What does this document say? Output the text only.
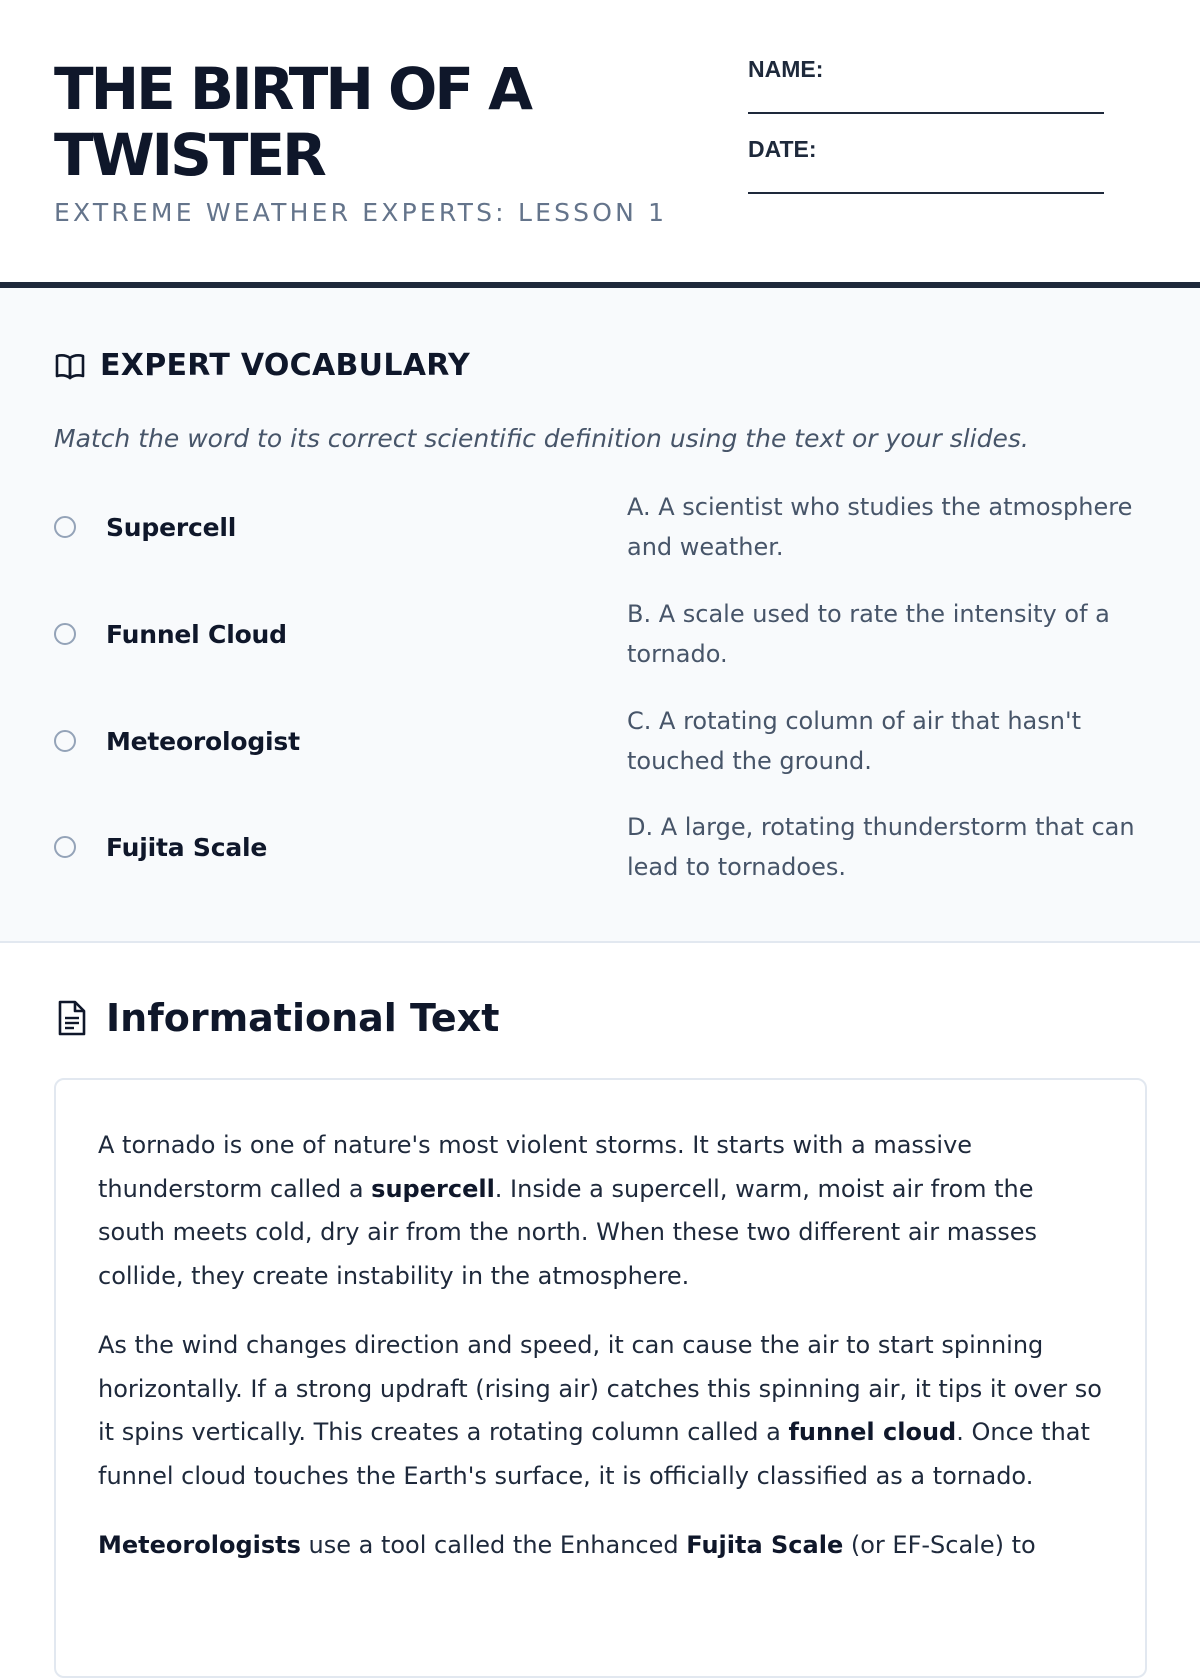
THE BIRTH OF A TWISTER
EXTREME WEATHER EXPERTS: LESSON 1
NAME:
DATE:
EXPERT VOCABULARY
Match the word to its correct scientific definition using the text or your slides.
Supercell
Funnel Cloud
Meteorologist
Fujita Scale
A. A scientist who studies the atmosphere and weather.
B. A scale used to rate the intensity of a tornado.
C. A rotating column of air that hasn't touched the ground.
D. A large, rotating thunderstorm that can lead to tornadoes.
Informational Text

A tornado is one of nature's most violent storms. It starts with a massive thunderstorm called a supercell. Inside a supercell, warm, moist air from the south meets cold, dry air from the north. When these two different air masses collide, they create instability in the atmosphere.

As the wind changes direction and speed, it can cause the air to start spinning horizontally. If a strong updraft (rising air) catches this spinning air, it tips it over so it spins vertically. This creates a rotating column called a funnel cloud. Once that funnel cloud touches the Earth's surface, it is officially classified as a tornado.

Meteorologists use a tool called the Enhanced Fujita Scale (or EF-Scale) to
